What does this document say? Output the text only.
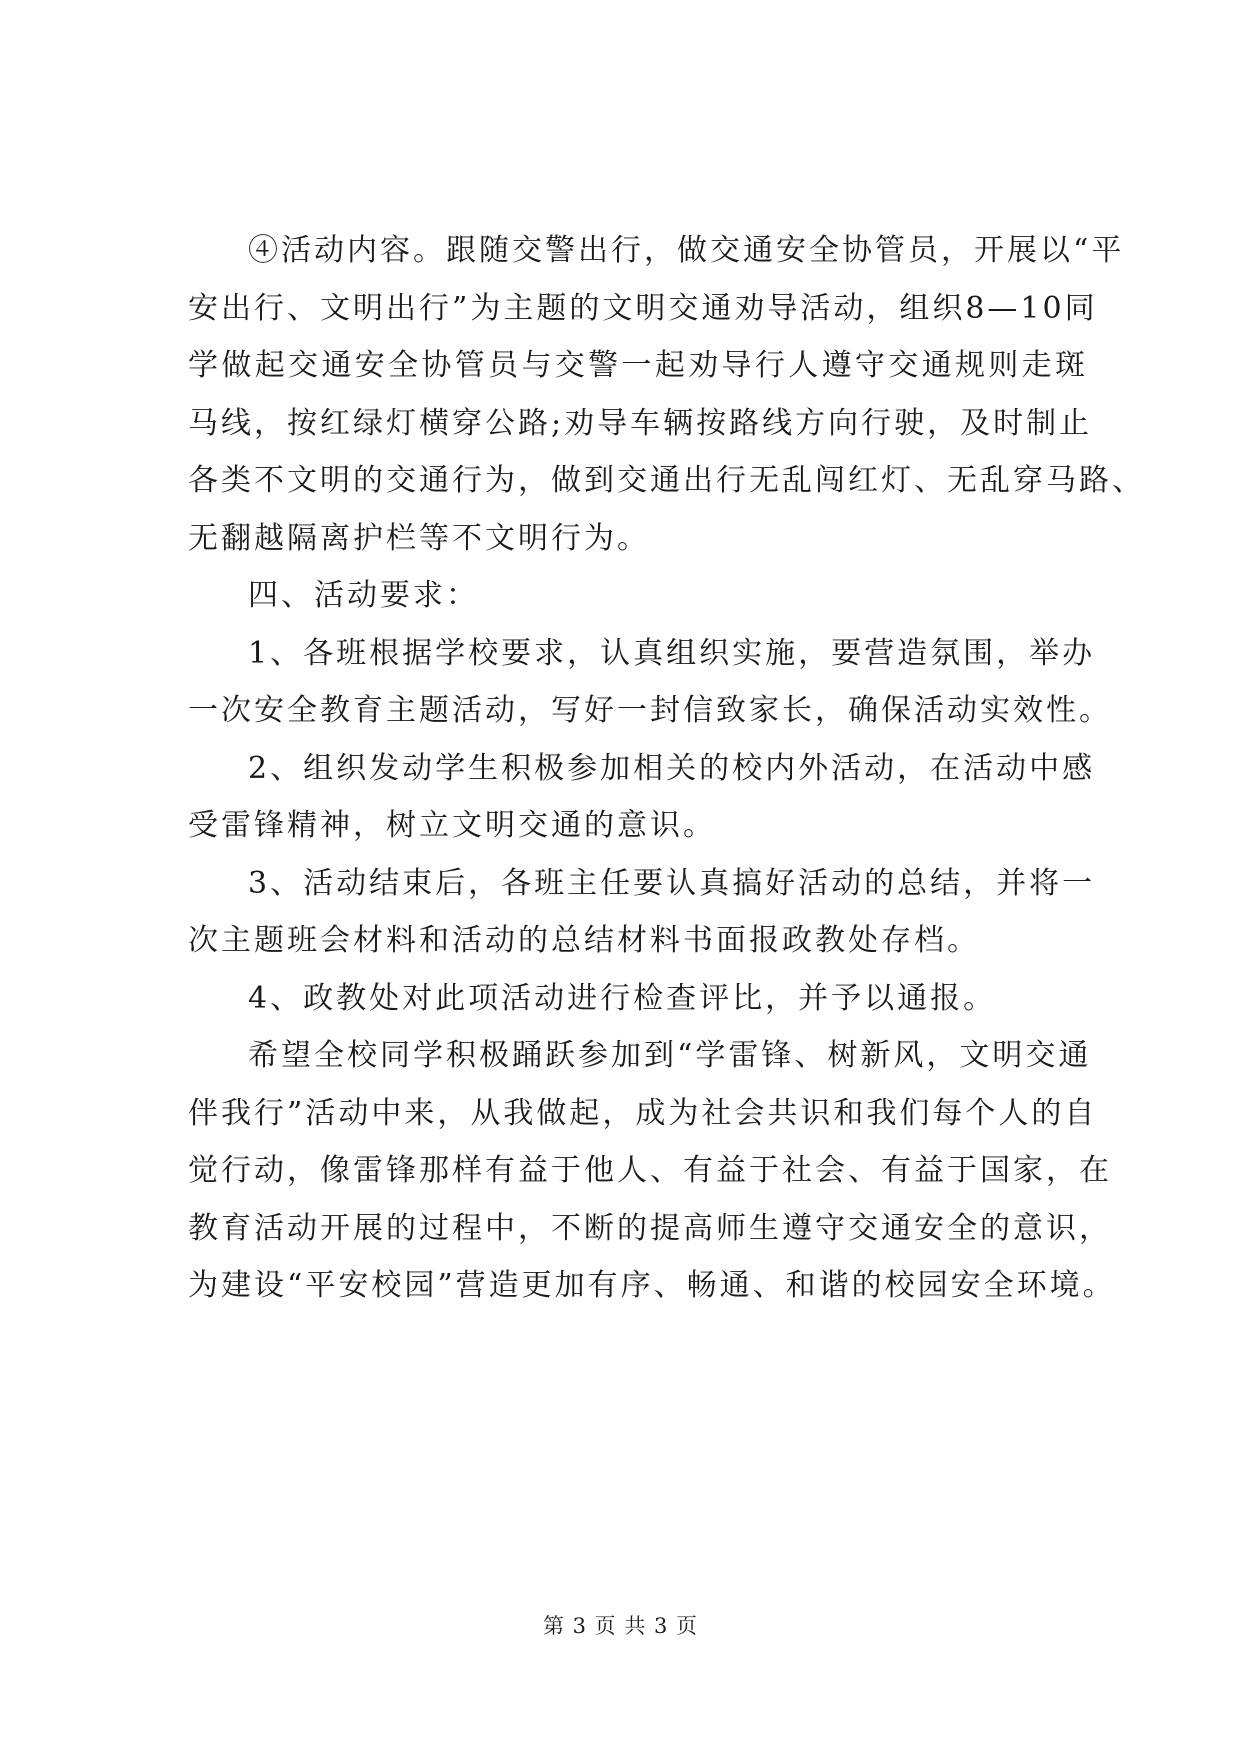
④活动内容。跟随交警出行，做交通安全协管员，开展以“平
安出行、文明出行”为主题的文明交通劝导活动，组织8—10同
学做起交通安全协管员与交警一起劝导行人遵守交通规则走斑
马线，按红绿灯横穿公路;劝导车辆按路线方向行驶，及时制止
各类不文明的交通行为，做到交通出行无乱闯红灯、无乱穿马路、
无翻越隔离护栏等不文明行为。

四、活动要求：

1、各班根据学校要求，认真组织实施，要营造氛围，举办
一次安全教育主题活动，写好一封信致家长，确保活动实效性。

2、组织发动学生积极参加相关的校内外活动，在活动中感
受雷锋精神，树立文明交通的意识。

3、活动结束后，各班主任要认真搞好活动的总结，并将一
次主题班会材料和活动的总结材料书面报政教处存档。

4、政教处对此项活动进行检查评比，并予以通报。

希望全校同学积极踊跃参加到“学雷锋、树新风，文明交通
伴我行”活动中来，从我做起，成为社会共识和我们每个人的自
觉行动，像雷锋那样有益于他人、有益于社会、有益于国家，在
教育活动开展的过程中，不断的提高师生遵守交通安全的意识，
为建设“平安校园”营造更加有序、畅通、和谐的校园安全环境。

第 3 页 共 3 页
